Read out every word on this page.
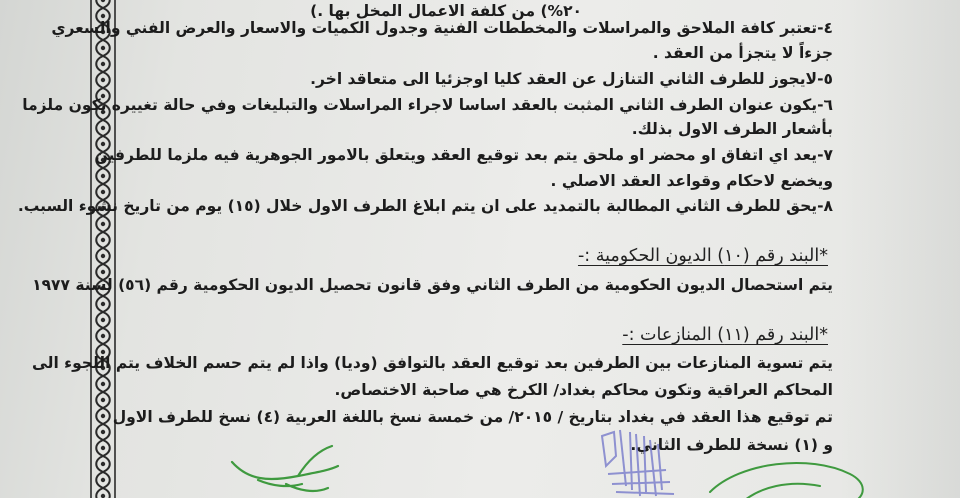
٢٠%) من كلفة الاعمال المخل بها .)
٤-تعتبر كافة الملاحق والمراسلات والمخططات الفنية وجدول الكميات والاسعار والعرض الفني والسعري
جزءاً لا يتجزأ من العقد .
٥-لايجوز للطرف الثاني التنازل عن العقد كليا اوجزئيا الى متعاقد اخر.
٦-يكون عنوان الطرف الثاني المثبت بالعقد اساسا لاجراء المراسلات والتبليغات وفي حالة تغييره يكون ملزما
بأشعار الطرف الاول بذلك.
٧-يعد اي اتفاق او محضر او ملحق يتم بعد توقيع العقد ويتعلق بالامور الجوهرية فيه ملزما للطرفين
ويخضع لاحكام وقواعد العقد الاصلي .
٨-يحق للطرف الثاني المطالبة بالتمديد على ان يتم ابلاغ الطرف الاول خلال (١٥) يوم من تاريخ نشوء السبب.
*البند رقم (١٠) الديون الحكومية :-
يتم استحصال الديون الحكومية من الطرف الثاني وفق قانون تحصيل الديون الحكومية رقم (٥٦) لسنة ١٩٧٧
*البند رقم (١١) المنازعات :-
يتم تسوية المنازعات بين الطرفين بعد توقيع العقد بالتوافق (وديا) واذا لم يتم حسم الخلاف يتم اللجوء الى
المحاكم العراقية وتكون محاكم بغداد/ الكرخ هي صاحبة الاختصاص.
تم توقيع هذا العقد في بغداد بتاريخ / ٢٠١٥/ من خمسة نسخ باللغة العربية (٤) نسخ للطرف الاول
و (١) نسخة للطرف الثاني.
